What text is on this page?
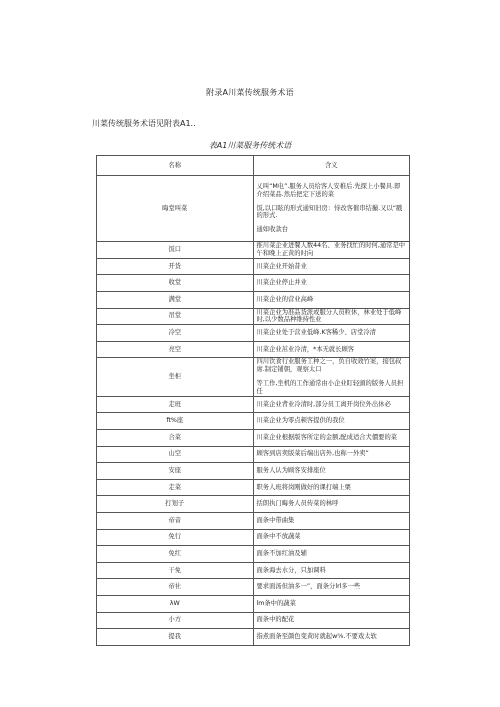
附录A川菜传统服务术语
川菜传统服务术语见附表A1..
表A1川菜服务传统术语
名称	含义
晦堂叫菜	乂叫“M电”.服务人员给客人安稚后.先探上小餐具.即介绍菜品.然后把定下送的菜
饭,以口眩的形式通知旧房：恃改客催串结撮.又以“戳的形式.
通如收款台

饭口	推川菜企业进餐人数44名、业务找忙的时何,通常是中午和晚上正黄的时向

开货	川菜企业开始昔业

收堂	川菜企业停止并业

满堂	川菜企业的营业高峰

吊堂	川菜企业为准品货派或服分人员粒休，林业处于低峰时,以少数品种维持性业

冷空	川菜企业处于营业低峰.K客稀少、店堂冷清

亮空	川菜企业茁业冷清，*本无就长顾客

坐柜	四川饮食行业服务工种之一，负自收效竹案，接包叔席.制定铺朝，观察太口
等工作,坐机的工作通常由小企业盯轻頭的版务人员担任

走班	川菜企业背业冷清时,部分员工离开岗位外出休必

ft%座	川菜企业为零点顿客提供的我位

合菜	川菜企业根据版客所定的金额,配成适合犬價要的菜

山空	顾客到店卖版菜后端出店外,也称一外卖”

安座	服务人认为顾客安排座位

走菜	职务人班将岗刚做好的课打端上栗

打划子	括朗执门晦务人员传菜的林呼

帝音	面条中带曲集

免行	面条中不放蔬菜

免红	面条不加红油及辅

干免	面条海去水分，只加调料

帝社	要求面汤但油多一”，面条分lrl多一些

λW	lm条中的蔬菜

小方	面条中的配花

提我	指煮面条至颜色变黄时就起w⅝.不要戏太软
